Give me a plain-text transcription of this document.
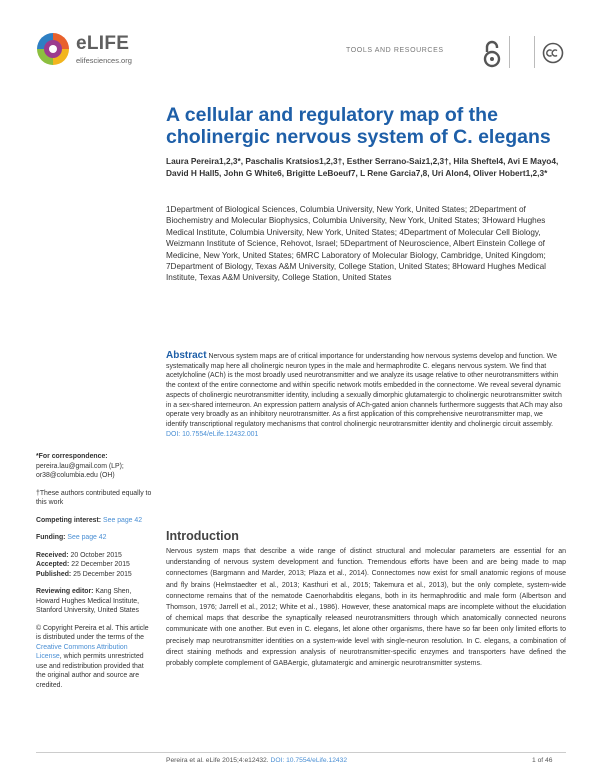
eLIFE
elifesciences.org
TOOLS AND RESOURCES
A cellular and regulatory map of the cholinergic nervous system of C. elegans
Laura Pereira1,2,3*, Paschalis Kratsios1,2,3†, Esther Serrano-Saiz1,2,3†, Hila Sheftel4, Avi E Mayo4, David H Hall5, John G White6, Brigitte LeBoeuf7, L Rene Garcia7,8, Uri Alon4, Oliver Hobert1,2,3*
1Department of Biological Sciences, Columbia University, New York, United States; 2Department of Biochemistry and Molecular Biophysics, Columbia University, New York, United States; 3Howard Hughes Medical Institute, Columbia University, New York, United States; 4Department of Molecular Cell Biology, Weizmann Institute of Science, Rehovot, Israel; 5Department of Neuroscience, Albert Einstein College of Medicine, New York, United States; 6MRC Laboratory of Molecular Biology, Cambridge, United Kingdom; 7Department of Biology, Texas A&M University, College Station, United States; 8Howard Hughes Medical Institute, Texas A&M University, College Station, United States
Abstract Nervous system maps are of critical importance for understanding how nervous systems develop and function. We systematically map here all cholinergic neuron types in the male and hermaphrodite C. elegans nervous system. We find that acetylcholine (ACh) is the most broadly used neurotransmitter and we analyze its usage relative to other neurotransmitters within the context of the entire connectome and within specific network motifs embedded in the connectome. We reveal several dynamic aspects of cholinergic neurotransmitter identity, including a sexually dimorphic glutamatergic to cholinergic neurotransmitter switch in a sex-shared interneuron. An expression pattern analysis of ACh-gated anion channels furthermore suggests that ACh may also operate very broadly as an inhibitory neurotransmitter. As a first application of this comprehensive neurotransmitter map, we identify transcriptional regulatory mechanisms that control cholinergic neurotransmitter identity and cholinergic circuit assembly.
DOI: 10.7554/eLife.12432.001
*For correspondence: pereira.lau@gmail.com (LP); or38@columbia.edu (OH)
†These authors contributed equally to this work
Competing interest: See page 42
Funding: See page 42
Received: 20 October 2015
Accepted: 22 December 2015
Published: 25 December 2015
Reviewing editor: Kang Shen, Howard Hughes Medical Institute, Stanford University, United States
© Copyright Pereira et al. This article is distributed under the terms of the Creative Commons Attribution License, which permits unrestricted use and redistribution provided that the original author and source are credited.
Introduction
Nervous system maps that describe a wide range of distinct structural and molecular parameters are essential for an understanding of nervous system development and function. Tremendous efforts have been and are being made to map connectomes (Bargmann and Marder, 2013; Plaza et al., 2014). Connectomes now exist for small anatomic regions of mouse and fly brains (Helmstaedter et al., 2013; Kasthuri et al., 2015; Takemura et al., 2013), but the only complete, system-wide connectome remains that of the nematode Caenorhabditis elegans, both in its hermaphroditic and male form (Albertson and Thomson, 1976; Jarrell et al., 2012; White et al., 1986). However, these anatomical maps are incomplete without the elucidation of chemical maps that describe the synaptically released neurotransmitters through which anatomically connected neurons communicate with one another. But even in C. elegans, let alone other organisms, there have so far been only limited efforts to precisely map neurotransmitter identities on a system-wide level with single-neuron resolution. In C. elegans, a combination of direct staining methods and expression analysis of neurotransmitter-specific enzymes and transporters have defined the probably complete complement of GABAergic, glutamatergic and aminergic neurotransmitter systems.
Pereira et al. eLife 2015;4:e12432. DOI: 10.7554/eLife.12432	1 of 46
